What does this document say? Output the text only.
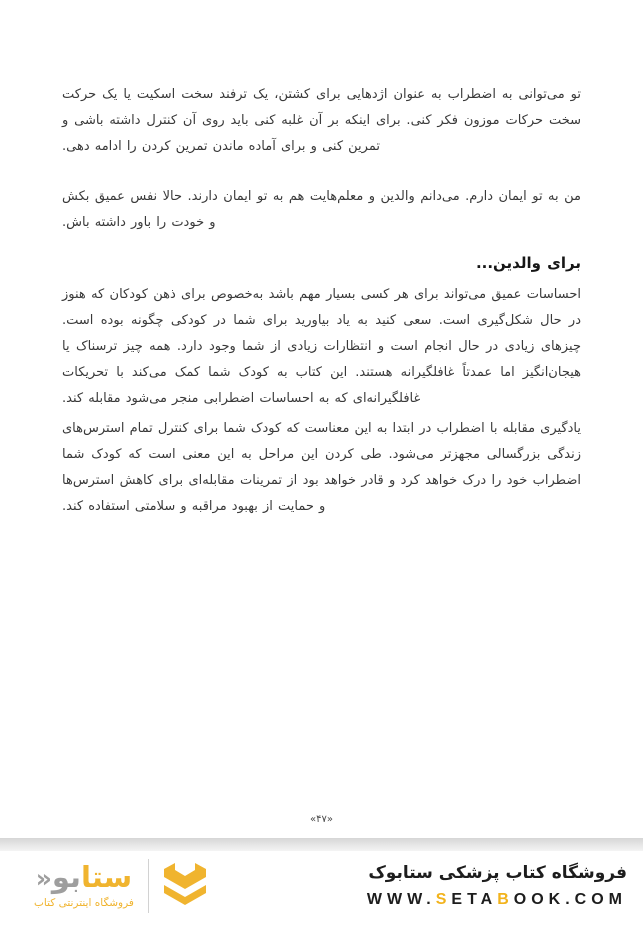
تو می‌توانی به اضطراب به عنوان اژدهایی برای کشتن، یک ترفند سخت اسکیت یا یک حرکت سخت حرکات موزون فکر کنی. برای اینکه بر آن غلبه کنی باید روی آن کنترل داشته باشی و تمرین کنی و برای آماده ماندن تمرین کردن را ادامه دهی.

من به تو ایمان دارم. می‌دانم والدین و معلم‌هایت هم به تو ایمان دارند. حالا نفس عمیق بکش و خودت را باور داشته باش.

برای والدین...

احساسات عمیق می‌تواند برای هر کسی بسیار مهم باشد به‌خصوص برای ذهن کودکان که هنوز در حال شکل‌گیری است. سعی کنید به یاد بیاورید برای شما در کودکی چگونه بوده است. چیزهای زیادی در حال انجام است و انتظارات زیادی از شما وجود دارد. همه چیز ترسناک یا هیجان‌انگیز اما عمدتاً غافلگیرانه هستند. این کتاب به کودک شما کمک می‌کند با تحریکات غافلگیرانه‌ای که به احساسات اضطرابی منجر می‌شود مقابله کند.

یادگیری مقابله با اضطراب در ابتدا به این معناست که کودک شما برای کنترل تمام استرس‌های زندگی بزرگسالی مجهزتر می‌شود. طی کردن این مراحل به این معنی است که کودک شما اضطراب خود را درک خواهد کرد و قادر خواهد بود از تمرینات مقابله‌ای برای کاهش استرس‌ها و حمایت از بهبود مراقبه و سلامتی استفاده کند.

«۴۷»
ستابو«
فروشگاه اینترنتی کتاب
فروشگاه کتاب پزشکی ستابوک
WWW.SETABOOK.COM
